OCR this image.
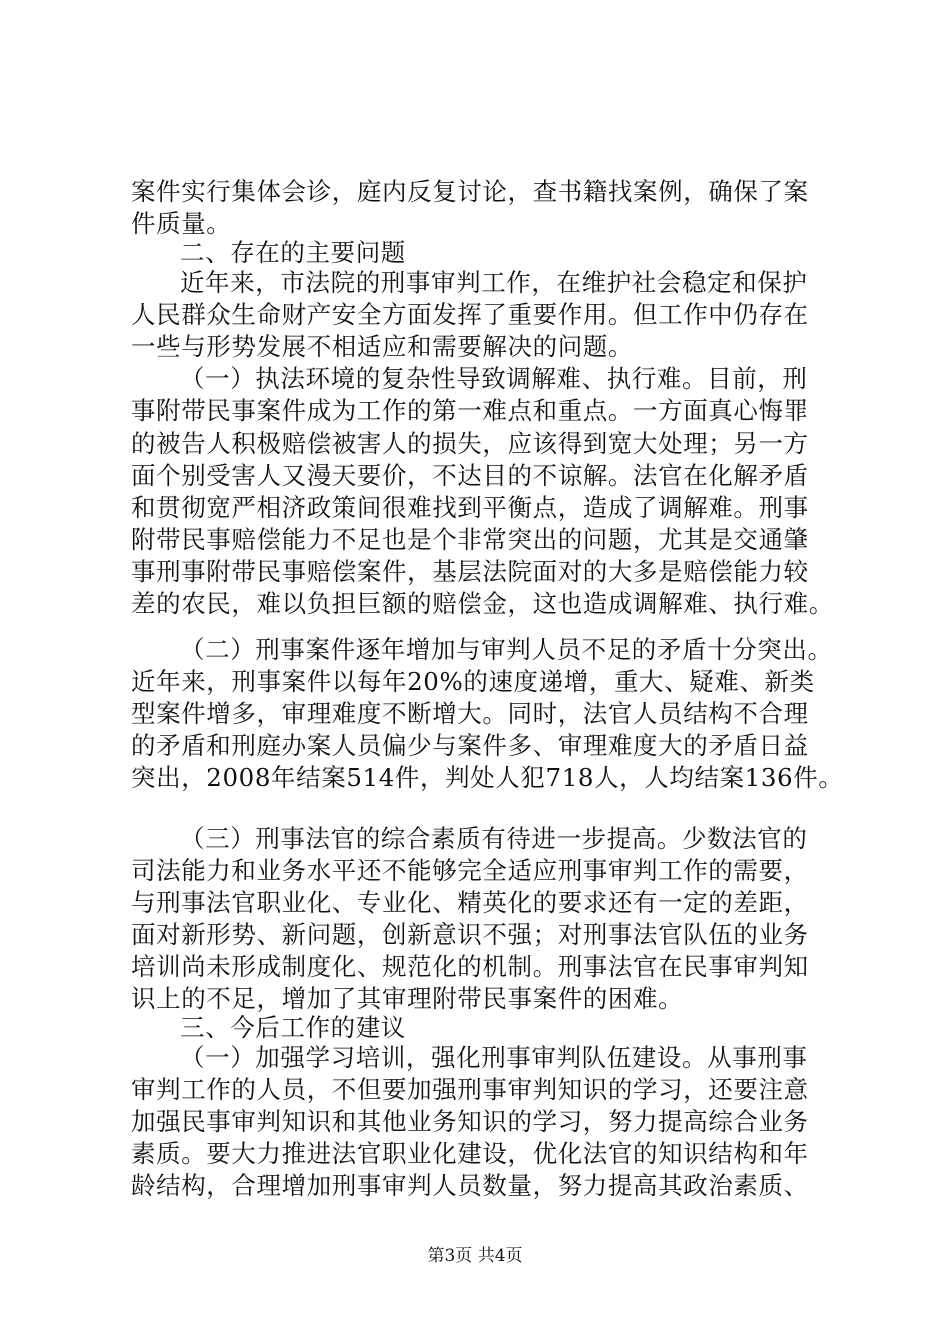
案件实行集体会诊，庭内反复讨论，查书籍找案例，确保了案
件质量。
二、存在的主要问题
近年来，市法院的刑事审判工作，在维护社会稳定和保护
人民群众生命财产安全方面发挥了重要作用。但工作中仍存在
一些与形势发展不相适应和需要解决的问题。
（一）执法环境的复杂性导致调解难、执行难。目前，刑
事附带民事案件成为工作的第一难点和重点。一方面真心悔罪
的被告人积极赔偿被害人的损失，应该得到宽大处理；另一方
面个别受害人又漫天要价，不达目的不谅解。法官在化解矛盾
和贯彻宽严相济政策间很难找到平衡点，造成了调解难。刑事
附带民事赔偿能力不足也是个非常突出的问题，尤其是交通肇
事刑事附带民事赔偿案件，基层法院面对的大多是赔偿能力较
差的农民，难以负担巨额的赔偿金，这也造成调解难、执行难。
（二）刑事案件逐年增加与审判人员不足的矛盾十分突出。
近年来，刑事案件以每年20%的速度递增，重大、疑难、新类
型案件增多，审理难度不断增大。同时，法官人员结构不合理
的矛盾和刑庭办案人员偏少与案件多、审理难度大的矛盾日益
突出，2008年结案514件，判处人犯718人，人均结案136件。
（三）刑事法官的综合素质有待进一步提高。少数法官的
司法能力和业务水平还不能够完全适应刑事审判工作的需要，
与刑事法官职业化、专业化、精英化的要求还有一定的差距，
面对新形势、新问题，创新意识不强；对刑事法官队伍的业务
培训尚未形成制度化、规范化的机制。刑事法官在民事审判知
识上的不足，增加了其审理附带民事案件的困难。
三、今后工作的建议
（一）加强学习培训，强化刑事审判队伍建设。从事刑事
审判工作的人员，不但要加强刑事审判知识的学习，还要注意
加强民事审判知识和其他业务知识的学习，努力提高综合业务
素质。要大力推进法官职业化建设，优化法官的知识结构和年
龄结构，合理增加刑事审判人员数量，努力提高其政治素质、
第3页 共4页
